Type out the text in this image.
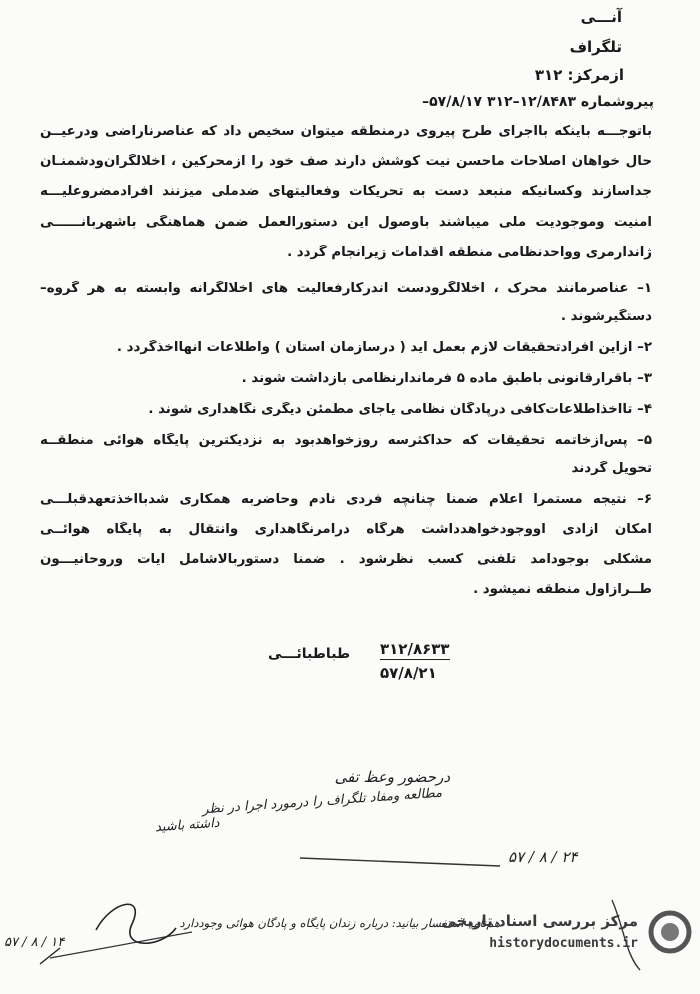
آنـــی
تلگراف
ازمرکز: ۳۱۲
پیروشماره ۱۲/۸۴۸۳–۳۱۲ ۵۷/۸/۱۷–
باتوجـــه باینکه بااجرای طرح پیروی درمنطقه میتوان سخیص داد که عناصرناراضی ودرعیــن
حال خواهان اصلاحات ماحسن نیت کوشش دارند صف خود را ازمحرکین ، اخلالگران‌ودشمنـان
جداسازند وکسانیکه منبعد دست به تحریکات وفعالیتهای ضدملی میزنند افرادمضروعلیـــه
امنیت وموجودیت ملی میباشند باوصول این دستورالعمل ضمن هماهنگی باشهربانــــــی
ژاندارمری وواحدنظامی منطقه اقدامات زیرانجام گردد .
۱– عناصرمانند محرک ، اخلالگرودست اندرکارفعالیت های اخلالگرانه وابسته به هر گروه–
دستگیرشوند .
۲– ازاین افرادتحقیقات لازم بعمل آید ( درسازمان استان ) واطلاعات آنهااخذگردد .
۳– باقرارقانونی باطبق ماده ۵ فرماندارنظامی بازداشت شوند .
۴– تااخذاطلاعات‌کافی درپادگان نظامی یاجای مطمئن دیگری نگاهداری شوند .
۵– پس‌ازخاتمه تحقیقات که حداکثرسه روزخواهدبود به نزدیکترین پایگاه هوائی منطقــه
تحویل گردند
۶– نتیجه مستمراً اعلام ضمناً چنانچه فردی نادم وحاضربه همکاری شدبااخذتعهدقبلـــی
امکان آزادی اووجودخواهدداشت هرگاه درامرنگاهداری وانتقال به پایگاه هوائــی
مشکلی بوجودآمد تلفنی کسب نظرشود . ضمناً دستوربالاشامل آیات وروحانیـــون
طــرازاول منطقه نمیشود .
طباطبائـــی ۳۱۲/۸۶۳۳
۵۷/۸/۲۱
درحضور وعظ تفی
مطالعه ومفاد تلگراف را درمورد اجرا در نظر
داشته باشید
۲۴ / ۸ / ۵۷
هم‌نامه استفسار بیانید: درباره زندان پایگاه و پادگان هوائی وجوددارد
۱۴ / ۸ / ۵۷
مرکز بررسی اسناد تاریخی
historydocuments.ir
